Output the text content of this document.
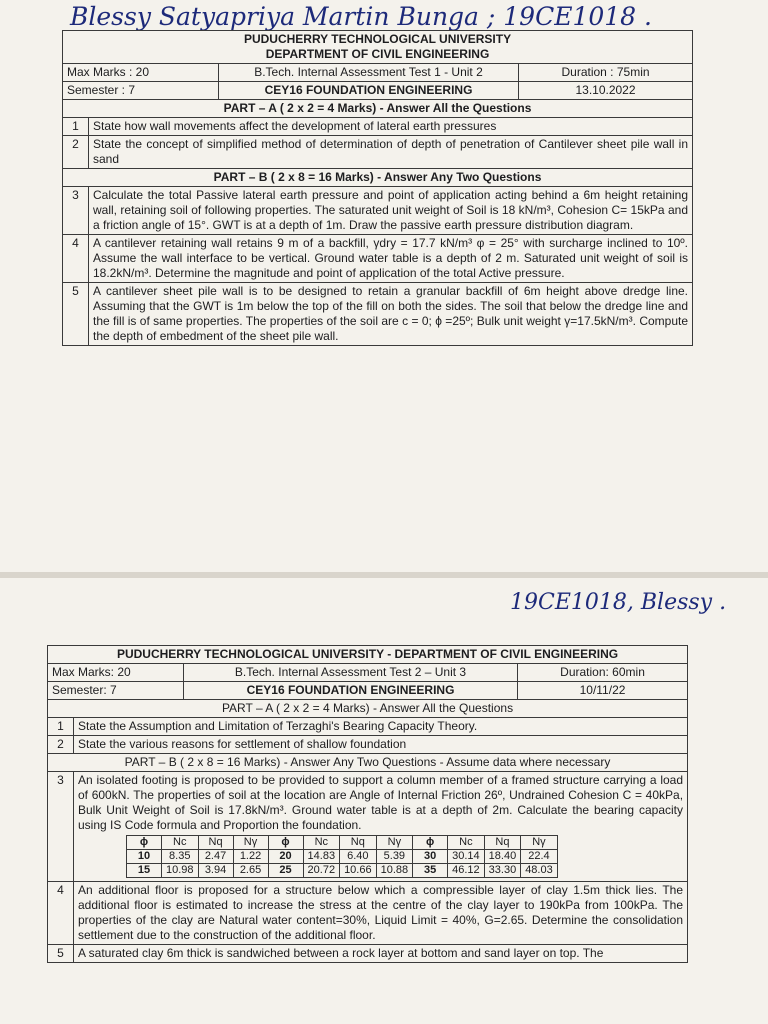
Blessy Satyapriya Martin Bunga ; 19CE1018 .
PUDUCHERRY TECHNOLOGICAL UNIVERSITY
DEPARTMENT OF CIVIL ENGINEERING			

Max Marks : 20		B.Tech. Internal Assessment Test 1 - Unit 2	Duration : 75min
Semester : 7		CEY16 FOUNDATION ENGINEERING	13.10.2022
PART – A ( 2 x 2 = 4 Marks) - Answer All the Questions			
1	State how wall movements affect the development of lateral earth pressures		
2	State the concept of simplified method of determination of depth of penetration of Cantilever sheet pile wall in sand		
PART – B ( 2 x 8 = 16 Marks) - Answer Any Two Questions			
3	Calculate the total Passive lateral earth pressure and point of application acting behind a 6m height retaining wall, retaining soil of following properties. The saturated unit weight of Soil is 18 kN/m³, Cohesion C= 15kPa and a friction angle of 15°. GWT is at a depth of 1m. Draw the passive earth pressure distribution diagram.		
4	A cantilever retaining wall retains 9 m of a backfill, γdry = 17.7 kN/m³ φ = 25° with surcharge inclined to 10º. Assume the wall interface to be vertical. Ground water table is a depth of 2 m. Saturated unit weight of soil is 18.2kN/m³. Determine the magnitude and point of application of the total Active pressure.		
5	A cantilever sheet pile wall is to be designed to retain a granular backfill of 6m height above dredge line. Assuming that the GWT is 1m below the top of the fill on both the sides. The soil that below the dredge line and the fill is of same properties. The properties of the soil are c = 0; ϕ =25º; Bulk unit weight γ=17.5kN/m³. Compute the depth of embedment of the sheet pile wall.		
19CE1018, Blessy .
PUDUCHERRY TECHNOLOGICAL UNIVERSITY - DEPARTMENT OF CIVIL ENGINEERING
Max Marks: 20	B.Tech. Internal Assessment Test 2 – Unit 3	Duration: 60min
Semester: 7	CEY16 FOUNDATION ENGINEERING	10/11/22
PART – A ( 2 x 2 = 4 Marks) - Answer All the Questions
1	State the Assumption and Limitation of Terzaghi's Bearing Capacity Theory.
2	State the various reasons for settlement of shallow foundation
PART – B ( 2 x 8 = 16 Marks) - Answer Any Two Questions - Assume data where necessary
3	An isolated footing is proposed to be provided to support a column member of a framed structure carrying a load of 600kN. The properties of soil at the location are Angle of Internal Friction 26º, Undrained Cohesion C = 40kPa, Bulk Unit Weight of Soil is 17.8kN/m³. Ground water table is at a depth of 2m. Calculate the bearing capacity using IS Code formula and Proportion the foundation.
ϕ	Nc	Nq	Nγ	ϕ	Nc	Nq	Nγ	ϕ	Nc	Nq	Nγ
10	8.35	2.47	1.22	20	14.83	6.40	5.39	30	30.14	18.40	22.4
15	10.98	3.94	2.65	25	20.72	10.66	10.88	35	46.12	33.30	48.03

4	An additional floor is proposed for a structure below which a compressible layer of clay 1.5m thick lies. The additional floor is estimated to increase the stress at the centre of the clay layer to 190kPa from 100kPa. The properties of the clay are Natural water content=30%, Liquid Limit = 40%, G=2.65. Determine the consolidation settlement due to the construction of the additional floor.
5	A saturated clay 6m thick is sandwiched between a rock layer at bottom and sand layer on top. The
